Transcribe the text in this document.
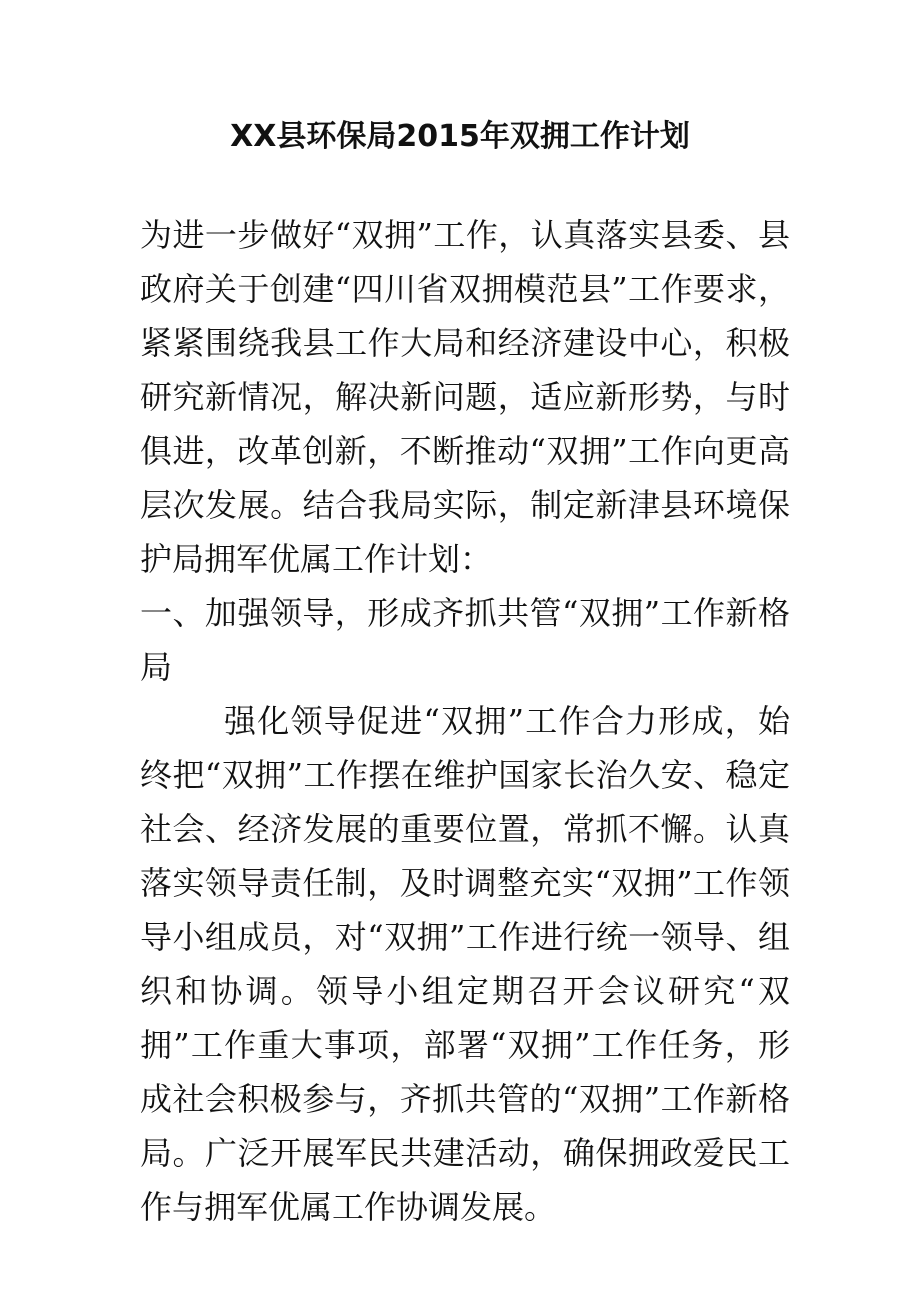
XX县环保局2015年双拥工作计划

为进一步做好“双拥”工作，认真落实县委、县政府关于创建“四川省双拥模范县”工作要求，紧紧围绕我县工作大局和经济建设中心，积极研究新情况，解决新问题，适应新形势，与时俱进，改革创新，不断推动“双拥”工作向更高层次发展。结合我局实际，制定新津县环境保护局拥军优属工作计划：

一、加强领导，形成齐抓共管“双拥”工作新格局

强化领导促进“双拥”工作合力形成，始终把“双拥”工作摆在维护国家长治久安、稳定社会、经济发展的重要位置，常抓不懈。认真落实领导责任制，及时调整充实“双拥”工作领导小组成员，对“双拥”工作进行统一领导、组织和协调。领导小组定期召开会议研究“双拥”工作重大事项，部署“双拥”工作任务，形成社会积极参与，齐抓共管的“双拥”工作新格局。广泛开展军民共建活动，确保拥政爱民工作与拥军优属工作协调发展。
